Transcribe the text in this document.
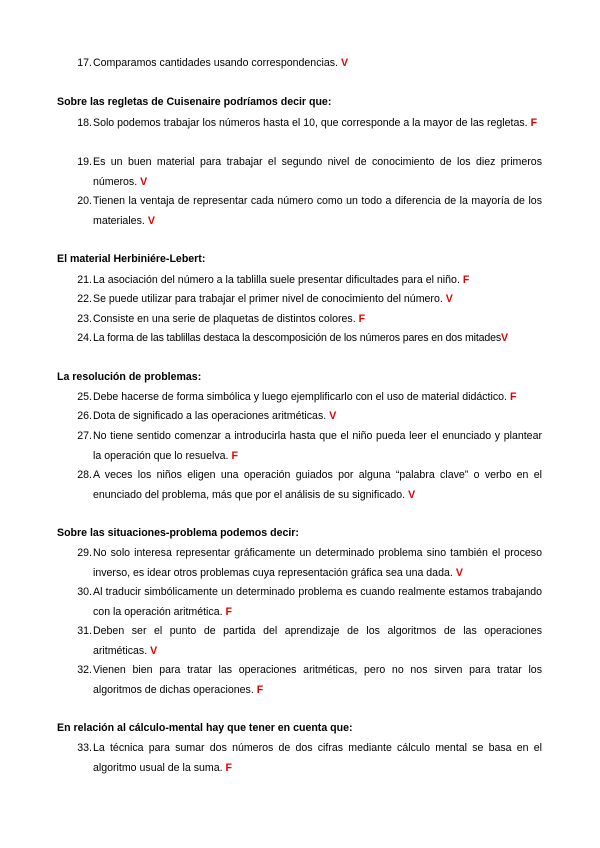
17. Comparamos cantidades usando correspondencias. V
Sobre las regletas de Cuisenaire podríamos decir que:
18. Solo podemos trabajar los números hasta el 10, que corresponde a la mayor de las regletas. F
19. Es un buen material para trabajar el segundo nivel de conocimiento de los diez primeros números. V
20. Tienen la ventaja de representar cada número como un todo a diferencia de la mayoría de los materiales. V
El material Herbiniére-Lebert:
21. La asociación del número a la tablilla suele presentar dificultades para el niño. F
22. Se puede utilizar para trabajar el primer nivel de conocimiento del número. V
23. Consiste en una serie de plaquetas de distintos colores. F
24. La forma de las tablillas destaca la descomposición de los números pares en dos mitadesV
La resolución de problemas:
25. Debe hacerse de forma simbólica y luego ejemplificarlo con el uso de material didáctico. F
26. Dota de significado a las operaciones aritméticas. V
27. No tiene sentido comenzar a introducirla hasta que el niño pueda leer el enunciado y plantear la operación que lo resuelva. F
28. A veces los niños eligen una operación guiados por alguna “palabra clave” o verbo en el enunciado del problema, más que por el análisis de su significado. V
Sobre las situaciones-problema podemos decir:
29. No solo interesa representar gráficamente un determinado problema sino también el proceso inverso, es idear otros problemas cuya representación gráfica sea una dada. V
30. Al traducir simbólicamente un determinado problema es cuando realmente estamos trabajando con la operación aritmética. F
31. Deben ser el punto de partida del aprendizaje de los algoritmos de las operaciones aritméticas. V
32. Vienen bien para tratar las operaciones aritméticas, pero no nos sirven para tratar los algoritmos de dichas operaciones. F
En relación al cálculo-mental hay que tener en cuenta que:
33. La técnica para sumar dos números de dos cifras mediante cálculo mental se basa en el algoritmo usual de la suma. F
